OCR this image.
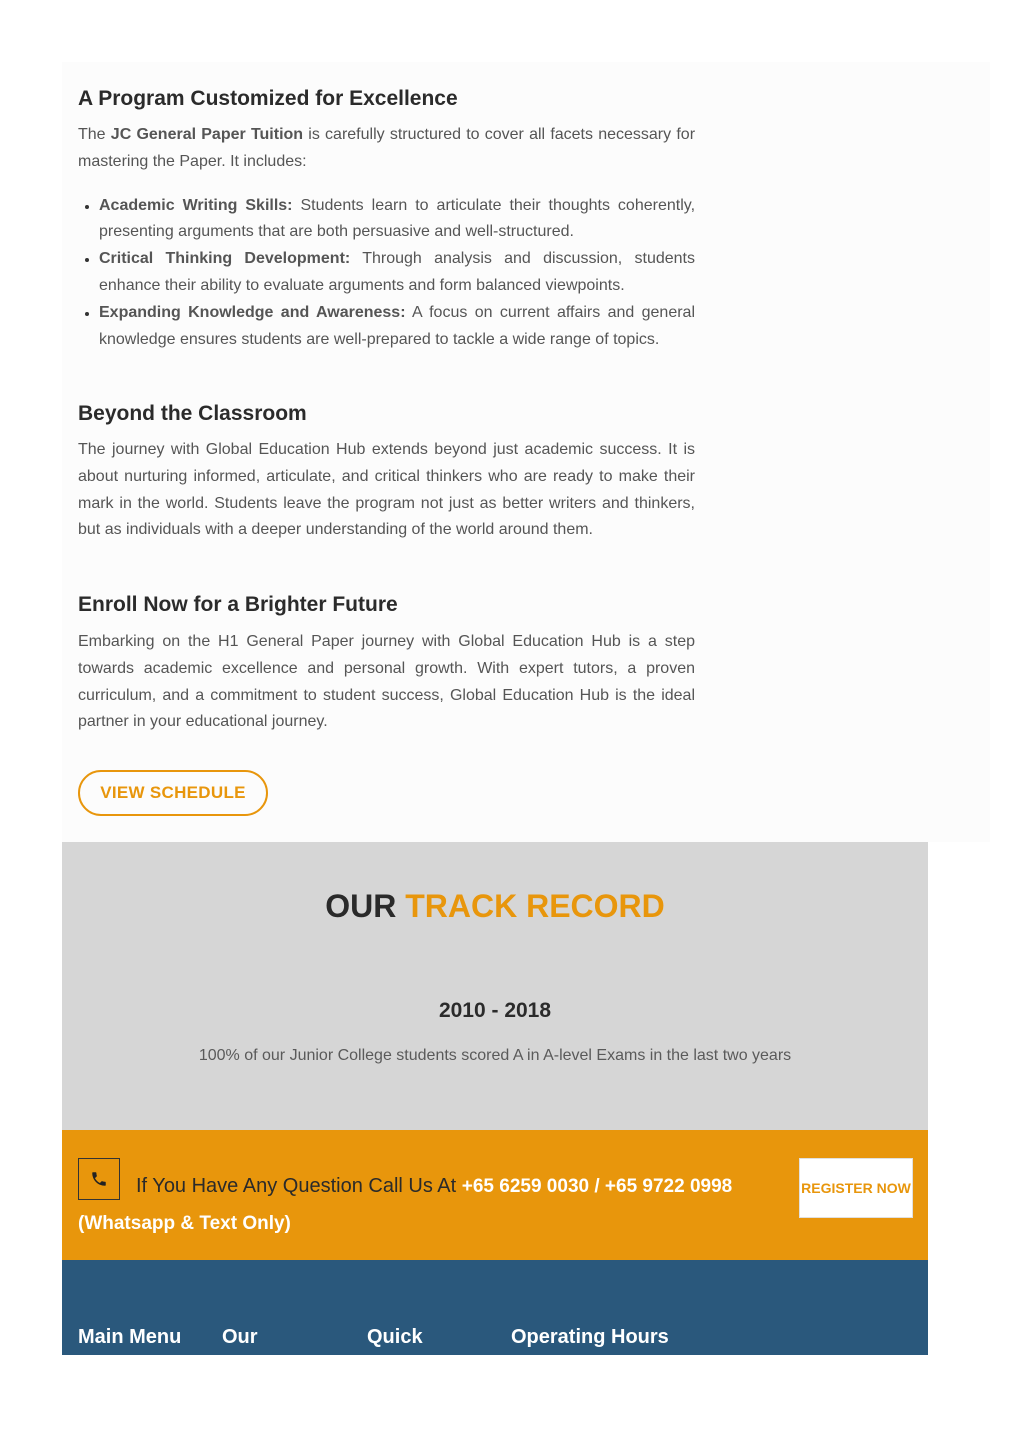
A Program Customized for Excellence

The JC General Paper Tuition is carefully structured to cover all facets necessary for mastering the Paper. It includes:

• Academic Writing Skills: Students learn to articulate their thoughts coherently, presenting arguments that are both persuasive and well-structured.
• Critical Thinking Development: Through analysis and discussion, students enhance their ability to evaluate arguments and form balanced viewpoints.
• Expanding Knowledge and Awareness: A focus on current affairs and general knowledge ensures students are well-prepared to tackle a wide range of topics.
Beyond the Classroom

The journey with Global Education Hub extends beyond just academic success. It is about nurturing informed, articulate, and critical thinkers who are ready to make their mark in the world. Students leave the program not just as better writers and thinkers, but as individuals with a deeper understanding of the world around them.

Enroll Now for a Brighter Future

Embarking on the H1 General Paper journey with Global Education Hub is a step towards academic excellence and personal growth. With expert tutors, a proven curriculum, and a commitment to student success, Global Education Hub is the ideal partner in your educational journey.

VIEW SCHEDULE
OUR TRACK RECORD
2010 - 2018
100% of our Junior College students scored A in A-level Exams in the last two years
If You Have Any Question Call Us At +65 6259 0030 / +65 9722 0998
(Whatsapp & Text Only)
REGISTER NOW
Main Menu Our	Quick	Operating Hours
